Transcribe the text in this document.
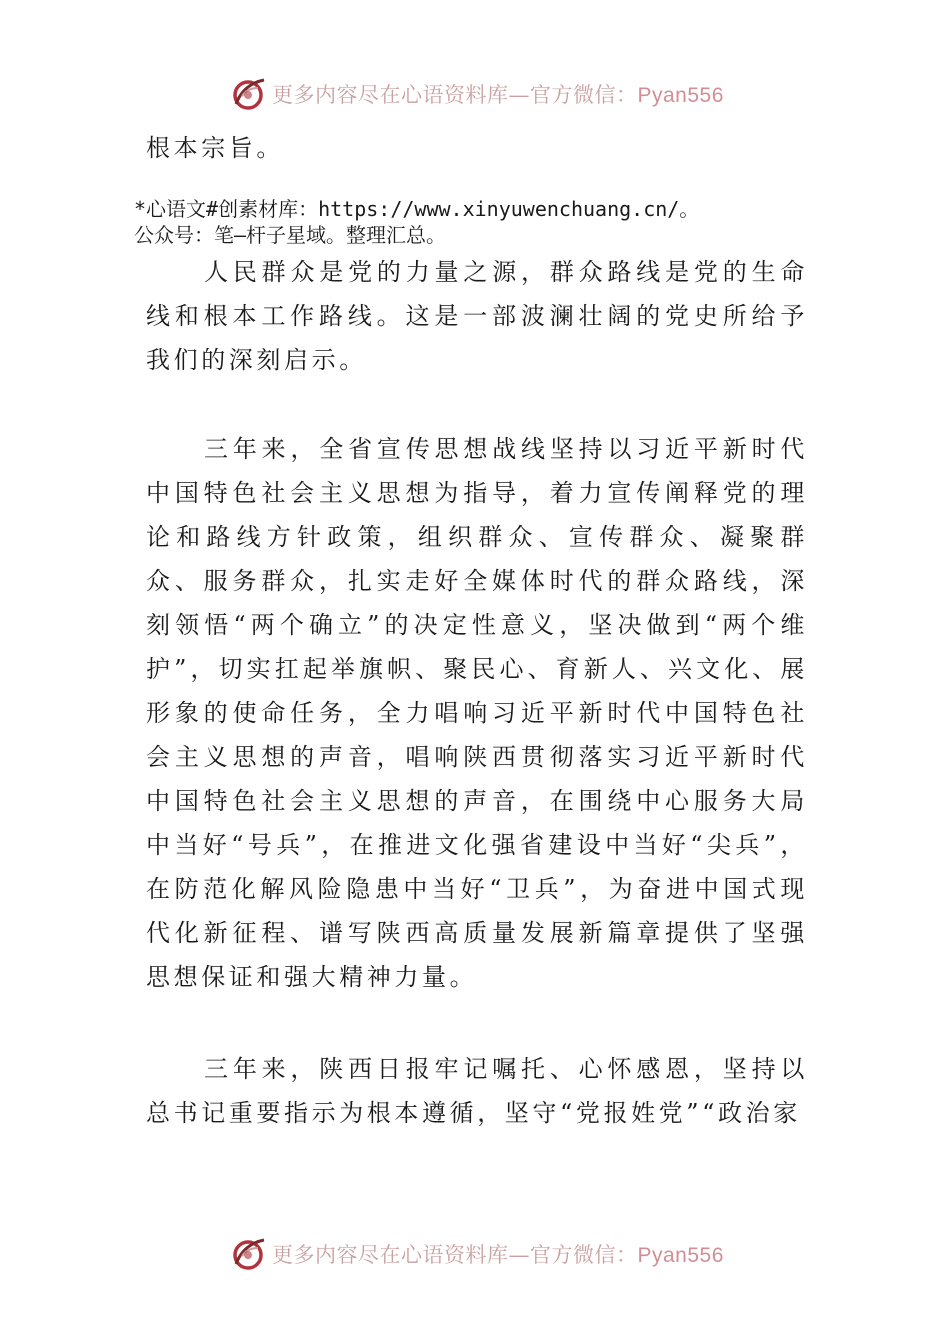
更多内容尽在心语资料库—官方微信：Pyan556

根本宗旨。

*心语文#创素材库：https://www.xinyuwenchuang.cn/。
公众号：笔—杆子星域。整理汇总。

人民群众是党的力量之源，群众路线是党的生命线和根本工作路线。这是一部波澜壮阔的党史所给予我们的深刻启示。

三年来，全省宣传思想战线坚持以习近平新时代中国特色社会主义思想为指导，着力宣传阐释党的理论和路线方针政策，组织群众、宣传群众、凝聚群众、服务群众，扎实走好全媒体时代的群众路线，深刻领悟“两个确立”的决定性意义，坚决做到“两个维护”，切实扛起举旗帜、聚民心、育新人、兴文化、展形象的使命任务，全力唱响习近平新时代中国特色社会主义思想的声音，唱响陕西贯彻落实习近平新时代中国特色社会主义思想的声音，在围绕中心服务大局中当好“号兵”，在推进文化强省建设中当好“尖兵”，在防范化解风险隐患中当好“卫兵”，为奋进中国式现代化新征程、谱写陕西高质量发展新篇章提供了坚强思想保证和强大精神力量。

三年来，陕西日报牢记嘱托、心怀感恩，坚持以总书记重要指示为根本遵循，坚守“党报姓党”“政治家

更多内容尽在心语资料库—官方微信：Pyan556
